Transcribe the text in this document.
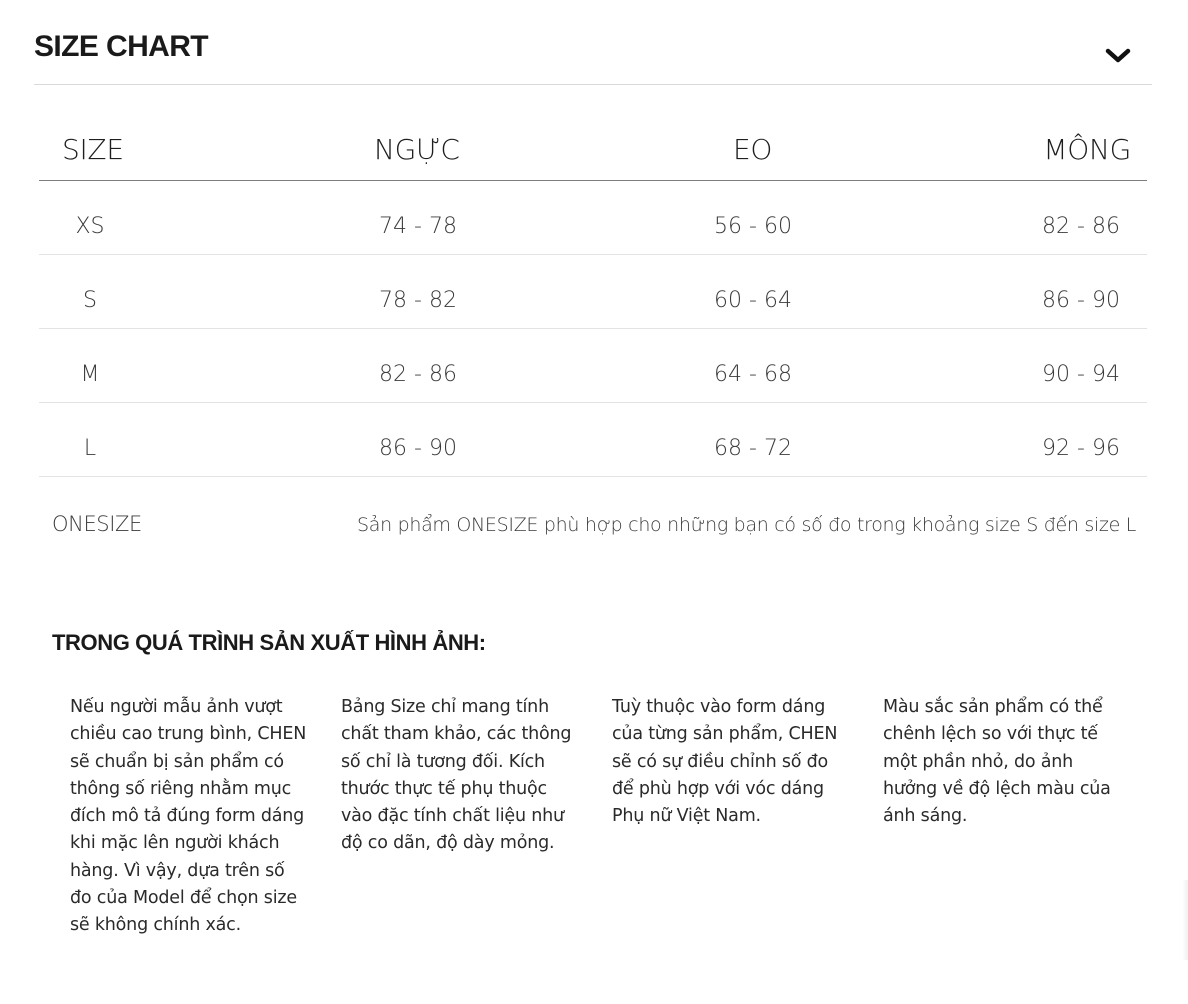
SIZE CHART
SIZE	NGỰC	EO	MÔNG
XS	74 - 78	56 - 60	82 - 86
S	78 - 82	60 - 64	86 - 90
M	82 - 86	64 - 68	90 - 94
L	86 - 90	68 - 72	92 - 96
ONESIZE	Sản phẩm ONESIZE phù hợp cho những bạn có số đo trong khoảng size S đến size L
TRONG QUÁ TRÌNH SẢN XUẤT HÌNH ẢNH:
Nếu người mẫu ảnh vượt chiều cao trung bình, CHEN sẽ chuẩn bị sản phẩm có thông số riêng nhằm mục đích mô tả đúng form dáng khi mặc lên người khách hàng. Vì vậy, dựa trên số đo của Model để chọn size sẽ không chính xác.
Bảng Size chỉ mang tính chất tham khảo, các thông số chỉ là tương đối. Kích thước thực tế phụ thuộc vào đặc tính chất liệu như độ co dãn, độ dày mỏng.
Tuỳ thuộc vào form dáng của từng sản phẩm, CHEN sẽ có sự điều chỉnh số đo để phù hợp với vóc dáng Phụ nữ Việt Nam.
Màu sắc sản phẩm có thể chênh lệch so với thực tế một phần nhỏ, do ảnh hưởng về độ lệch màu của ánh sáng.
